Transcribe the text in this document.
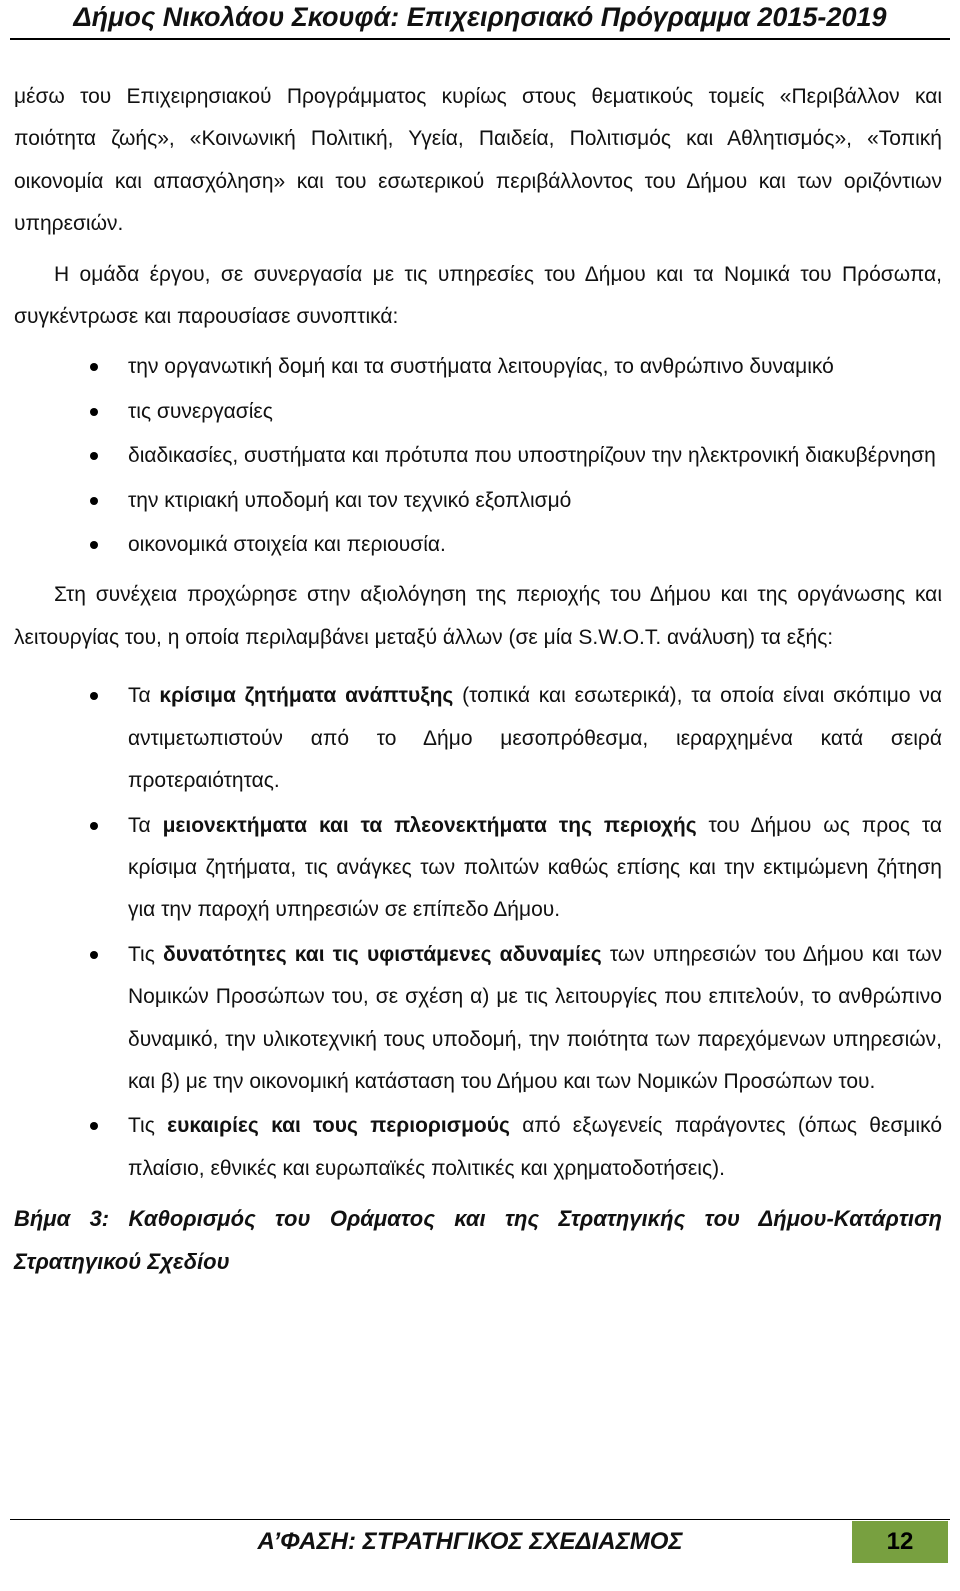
Δήμος Νικολάου Σκουφά: Επιχειρησιακό Πρόγραμμα 2015-2019

μέσω του Επιχειρησιακού Προγράμματος κυρίως στους θεματικούς τομείς «Περιβάλλον και ποιότητα ζωής», «Κοινωνική Πολιτική, Υγεία, Παιδεία, Πολιτισμός και Αθλητισμός», «Τοπική οικονομία και απασχόληση» και του εσωτερικού περιβάλλοντος του Δήμου και των οριζόντιων υπηρεσιών.

Η ομάδα έργου, σε συνεργασία με τις υπηρεσίες του Δήμου και τα Νομικά του Πρόσωπα, συγκέντρωσε και παρουσίασε συνοπτικά:

την οργανωτική δομή και τα συστήματα λειτουργίας, το ανθρώπινο δυναμικό
τις συνεργασίες
διαδικασίες, συστήματα και πρότυπα που υποστηρίζουν την ηλεκτρονική διακυβέρνηση
την κτιριακή υποδομή και τον τεχνικό εξοπλισμό
οικονομικά στοιχεία και περιουσία.

Στη συνέχεια προχώρησε στην αξιολόγηση της περιοχής του Δήμου και της οργάνωσης και λειτουργίας του, η οποία περιλαμβάνει μεταξύ άλλων (σε μία S.W.O.T. ανάλυση) τα εξής:

Τα κρίσιμα ζητήματα ανάπτυξης (τοπικά και εσωτερικά), τα οποία είναι σκόπιμο να αντιμετωπιστούν από το Δήμο μεσοπρόθεσμα, ιεραρχημένα κατά σειρά προτεραιότητας.
Τα μειονεκτήματα και τα πλεονεκτήματα της περιοχής του Δήμου ως προς τα κρίσιμα ζητήματα, τις ανάγκες των πολιτών καθώς επίσης και την εκτιμώμενη ζήτηση για την παροχή υπηρεσιών σε επίπεδο Δήμου.
Τις δυνατότητες και τις υφιστάμενες αδυναμίες των υπηρεσιών του Δήμου και των Νομικών Προσώπων του, σε σχέση α) με τις λειτουργίες που επιτελούν, το ανθρώπινο δυναμικό, την υλικοτεχνική τους υποδομή, την ποιότητα των παρεχόμενων υπηρεσιών, και β) με την οικονομική κατάσταση του Δήμου και των Νομικών Προσώπων του.
Τις ευκαιρίες και τους περιορισμούς από εξωγενείς παράγοντες (όπως θεσμικό πλαίσιο, εθνικές και ευρωπαϊκές πολιτικές και χρηματοδοτήσεις).

Βήμα 3: Καθορισμός του Οράματος και της Στρατηγικής του Δήμου-Κατάρτιση Στρατηγικού Σχεδίου

Α’ΦΑΣΗ: ΣΤΡΑΤΗΓΙΚΟΣ ΣΧΕΔΙΑΣΜΟΣ	12
